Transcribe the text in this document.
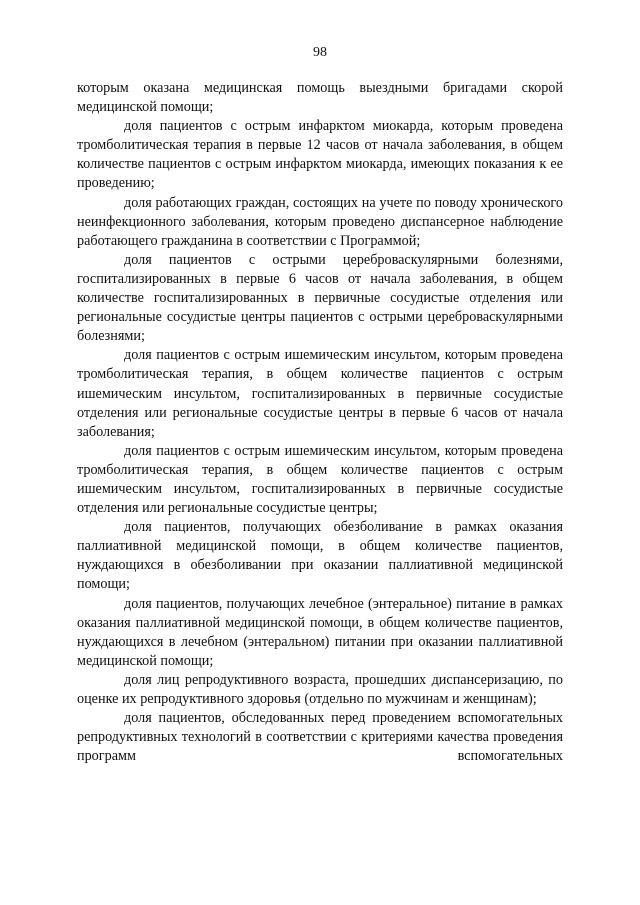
98

которым оказана медицинская помощь выездными бригадами скорой медицинской помощи;

доля пациентов с острым инфарктом миокарда, которым проведена тромболитическая терапия в первые 12 часов от начала заболевания, в общем количестве пациентов с острым инфарктом миокарда, имеющих показания к ее проведению;

доля работающих граждан, состоящих на учете по поводу хронического неинфекционного заболевания, которым проведено диспансерное наблюдение работающего гражданина в соответствии с Программой;

доля пациентов с острыми цереброваскулярными болезнями, госпитализированных в первые 6 часов от начала заболевания, в общем количестве госпитализированных в первичные сосудистые отделения или региональные сосудистые центры пациентов с острыми цереброваскулярными болезнями;

доля пациентов с острым ишемическим инсультом, которым проведена тромболитическая терапия, в общем количестве пациентов с острым ишемическим инсультом, госпитализированных в первичные сосудистые отделения или региональные сосудистые центры в первые 6 часов от начала заболевания;

доля пациентов с острым ишемическим инсультом, которым проведена тромболитическая терапия, в общем количестве пациентов с острым ишемическим инсультом, госпитализированных в первичные сосудистые отделения или региональные сосудистые центры;

доля пациентов, получающих обезболивание в рамках оказания паллиативной медицинской помощи, в общем количестве пациентов, нуждающихся в обезболивании при оказании паллиативной медицинской помощи;

доля пациентов, получающих лечебное (энтеральное) питание в рамках оказания паллиативной медицинской помощи, в общем количестве пациентов, нуждающихся в лечебном (энтеральном) питании при оказании паллиативной медицинской помощи;

доля лиц репродуктивного возраста, прошедших диспансеризацию, по оценке их репродуктивного здоровья (отдельно по мужчинам и женщинам);

доля пациентов, обследованных перед проведением вспомогательных репродуктивных технологий в соответствии с критериями качества проведения программ вспомогательных
